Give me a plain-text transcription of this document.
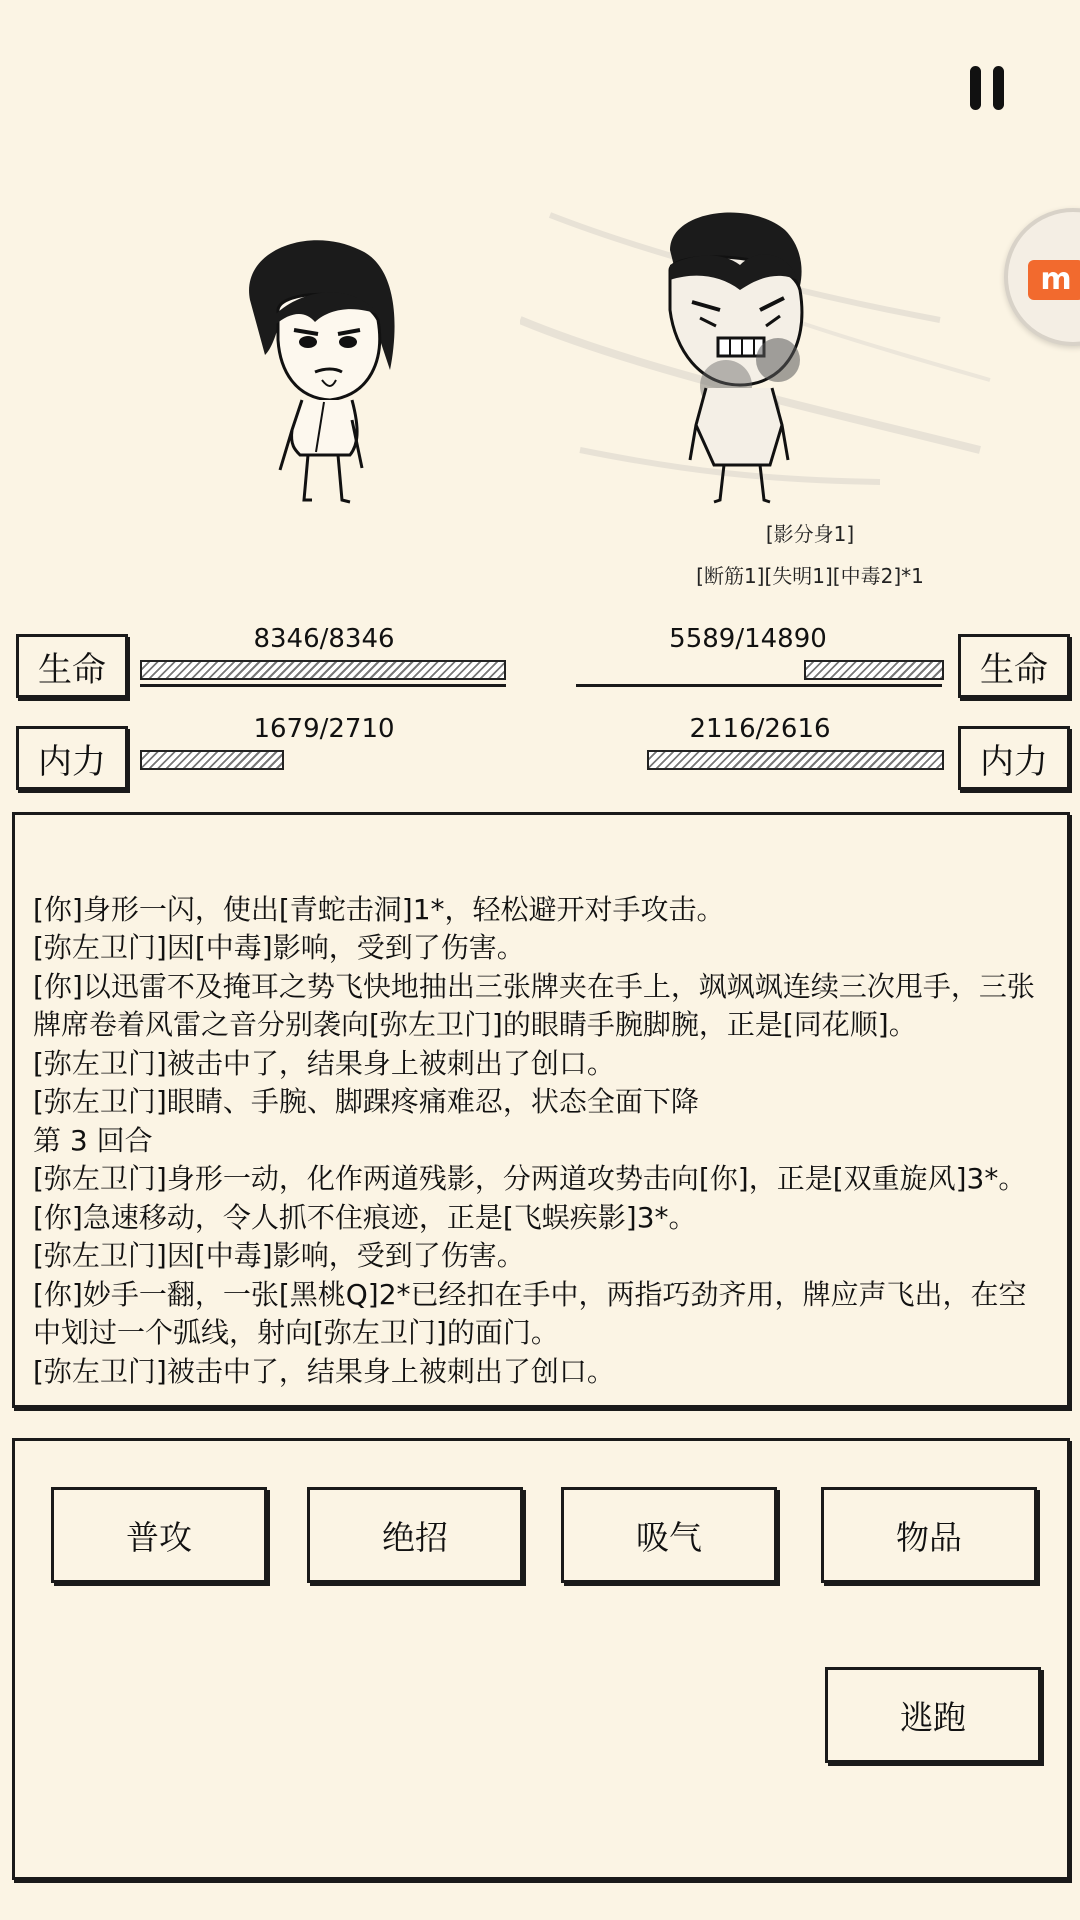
m
[影分身1]
[断筋1][失明1][中毒2]*1
生命
8346/8346
生命
5589/14890
内力
1679/2710
内力
2116/2616
[你]身形一闪，使出[青蛇击洞]1*，轻松避开对手攻击。
[弥左卫门]因[中毒]影响，受到了伤害。
[你]以迅雷不及掩耳之势飞快地抽出三张牌夹在手上，飒飒飒连续三次甩手，三张牌席卷着风雷之音分别袭向[弥左卫门]的眼睛手腕脚腕，正是[同花顺]。
[弥左卫门]被击中了，结果身上被刺出了创口。
[弥左卫门]眼睛、手腕、脚踝疼痛难忍，状态全面下降
第 3 回合
[弥左卫门]身形一动，化作两道残影，分两道攻势击向[你]，正是[双重旋风]3*。
[你]急速移动，令人抓不住痕迹，正是[飞蜈疾影]3*。
[弥左卫门]因[中毒]影响，受到了伤害。
[你]妙手一翻，一张[黑桃Q]2*已经扣在手中，两指巧劲齐用，牌应声飞出，在空中划过一个弧线，射向[弥左卫门]的面门。
[弥左卫门]被击中了，结果身上被刺出了创口。
普攻	绝招	吸气	物品
逃跑
